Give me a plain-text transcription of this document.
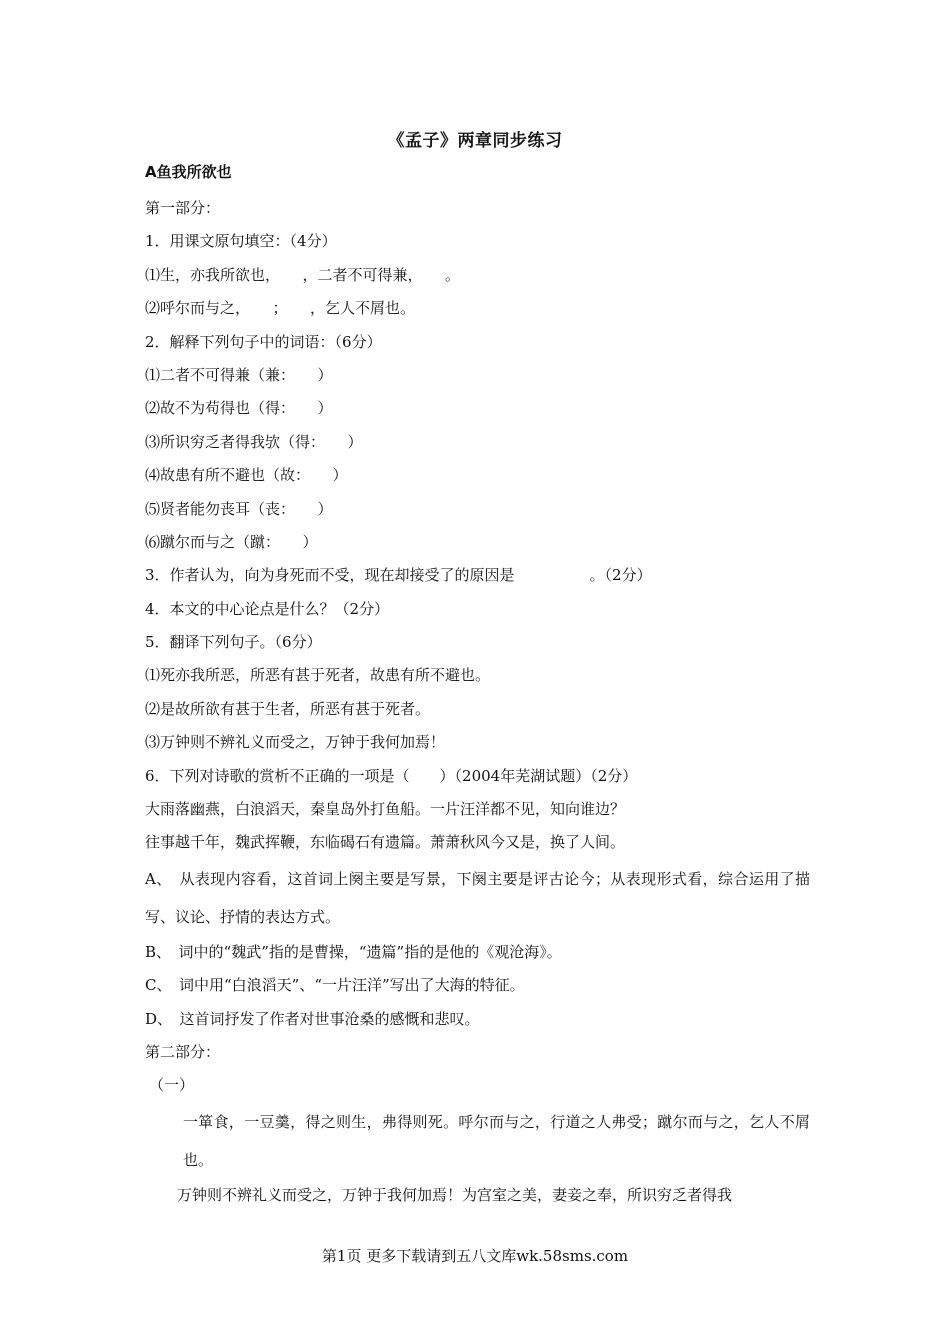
《孟子》两章同步练习
A鱼我所欲也
第一部分：
1．用课文原句填空：（4分）
⑴生，亦我所欲也，　　，二者不可得兼，　　。
⑵呼尔而与之，　　；　　，乞人不屑也。
2．解释下列句子中的词语：（6分）
⑴二者不可得兼（兼：　　）
⑵故不为苟得也（得：　　）
⑶所识穷乏者得我欤（得：　　）
⑷故患有所不避也（故：　　）
⑸贤者能勿丧耳（丧：　　）
⑹蹴尔而与之（蹴：　　）
3．作者认为，向为身死而不受，现在却接受了的原因是　　　　　。（2分）
4．本文的中心论点是什么？（2分）
5．翻译下列句子。（6分）
⑴死亦我所恶，所恶有甚于死者，故患有所不避也。
⑵是故所欲有甚于生者，所恶有甚于死者。
⑶万钟则不辨礼义而受之，万钟于我何加焉！
6．下列对诗歌的赏析不正确的一项是（　　）（2004年芜湖试题）（2分）
大雨落幽燕，白浪滔天，秦皇岛外打鱼船。一片汪洋都不见，知向谁边？
往事越千年，魏武挥鞭，东临碣石有遗篇。萧萧秋风今又是，换了人间。
A、　从表现内容看，这首词上阕主要是写景，下阕主要是评古论今；从表现形式看，综合运用了描写、议论、抒情的表达方式。
B、　词中的“魏武”指的是曹操，“遗篇”指的是他的《观沧海》。
C、　词中用“白浪滔天”、“一片汪洋”写出了大海的特征。
D、　这首词抒发了作者对世事沧桑的感慨和悲叹。
第二部分：
（一）
一箪食，一豆羹，得之则生，弗得则死。呼尔而与之，行道之人弗受；蹴尔而与之，乞人不屑也。
万钟则不辨礼义而受之，万钟于我何加焉！为宫室之美，妻妾之奉，所识穷乏者得我
第1页 更多下载请到五八文库wk.58sms.com
